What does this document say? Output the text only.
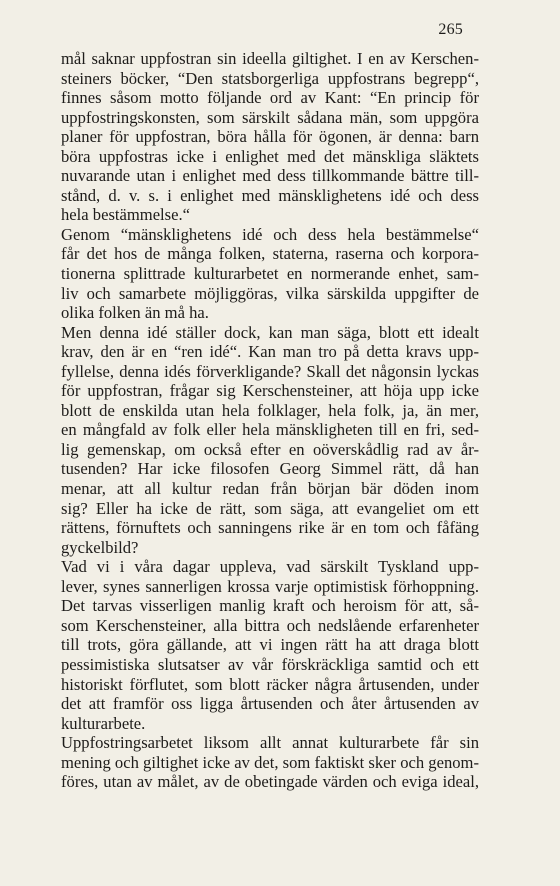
265
mål saknar uppfostran sin ideella giltighet. I en av Kerschen-
steiners böcker, “Den statsborgerliga uppfostrans begrepp“,
finnes såsom motto följande ord av Kant: “En princip för
uppfostringskonsten, som särskilt sådana män, som uppgöra
planer för uppfostran, böra hålla för ögonen, är denna: barn
böra uppfostras icke i enlighet med det mänskliga släktets
nuvarande utan i enlighet med dess tillkommande bättre till-
stånd, d. v. s. i enlighet med mänsklighetens idé och dess
hela bestämmelse.“
Genom “mänsklighetens idé och dess hela bestämmelse“
får det hos de många folken, staterna, raserna och korpora-
tionerna splittrade kulturarbetet en normerande enhet, sam-
liv och samarbete möjliggöras, vilka särskilda uppgifter de
olika folken än må ha.
Men denna idé ställer dock, kan man säga, blott ett idealt
krav, den är en “ren idé“. Kan man tro på detta kravs upp-
fyllelse, denna idés förverkligande? Skall det någonsin lyckas
för uppfostran, frågar sig Kerschensteiner, att höja upp icke
blott de enskilda utan hela folklager, hela folk, ja, än mer,
en mångfald av folk eller hela mänskligheten till en fri, sed-
lig gemenskap, om också efter en oöverskådlig rad av år-
tusenden? Har icke filosofen Georg Simmel rätt, då han
menar, att all kultur redan från början bär döden inom
sig? Eller ha icke de rätt, som säga, att evangeliet om ett
rättens, förnuftets och sanningens rike är en tom och fåfäng
gyckelbild?
Vad vi i våra dagar uppleva, vad särskilt Tyskland upp-
lever, synes sannerligen krossa varje optimistisk förhoppning.
Det tarvas visserligen manlig kraft och heroism för att, så-
som Kerschensteiner, alla bittra och nedslående erfarenheter
till trots, göra gällande, att vi ingen rätt ha att draga blott
pessimistiska slutsatser av vår förskräckliga samtid och ett
historiskt förflutet, som blott räcker några årtusenden, under
det att framför oss ligga årtusenden och åter årtusenden av
kulturarbete.
Uppfostringsarbetet liksom allt annat kulturarbete får sin
mening och giltighet icke av det, som faktiskt sker och genom-
föres, utan av målet, av de obetingade värden och eviga ideal,
